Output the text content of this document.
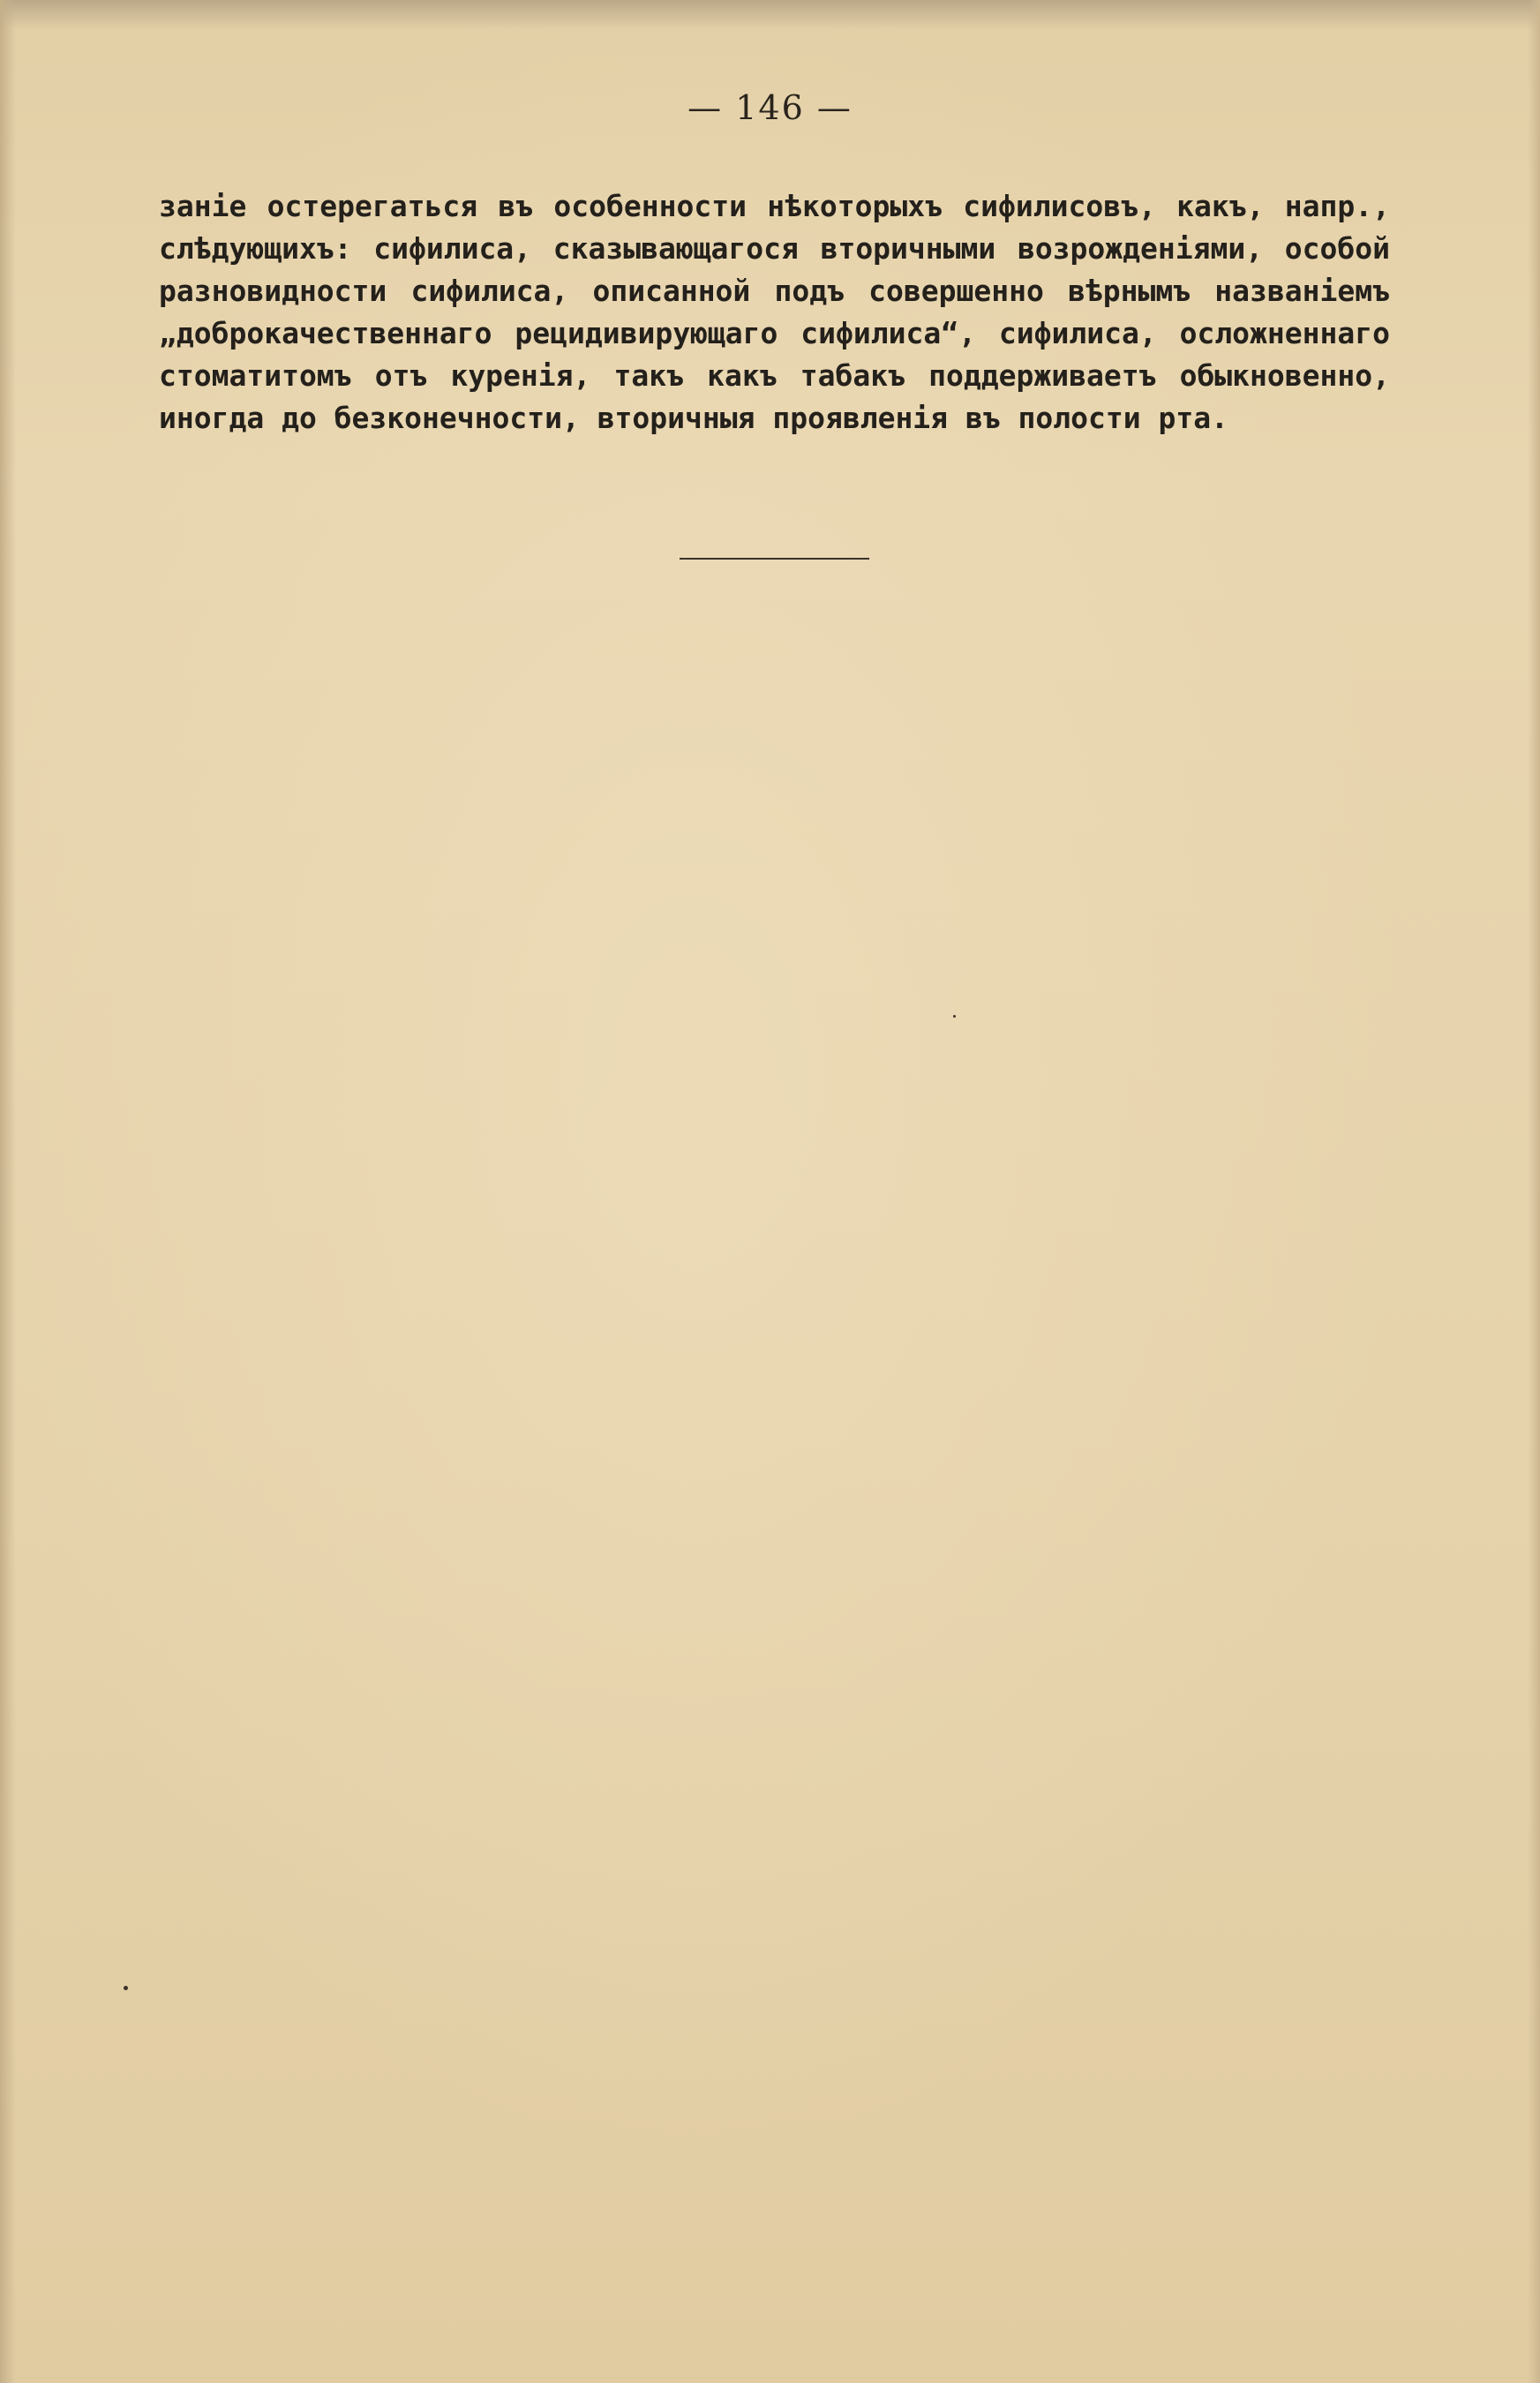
— 146 —
заніе остерегаться въ особенности нѣкоторыхъ сифилисовъ, какъ, напр.,
слѣдующихъ: сифилиса, сказывающагося вторичными возрожденіями, особой
разновидности сифилиса, описанной подъ совершенно вѣрнымъ названіемъ
„доброкачественнаго рецидивирующаго сифилиса“, сифилиса, осложненнаго
стоматитомъ отъ куренія, такъ какъ табакъ поддерживаетъ обыкновенно,
иногда до безконечности, вторичныя проявленія въ полости рта.
